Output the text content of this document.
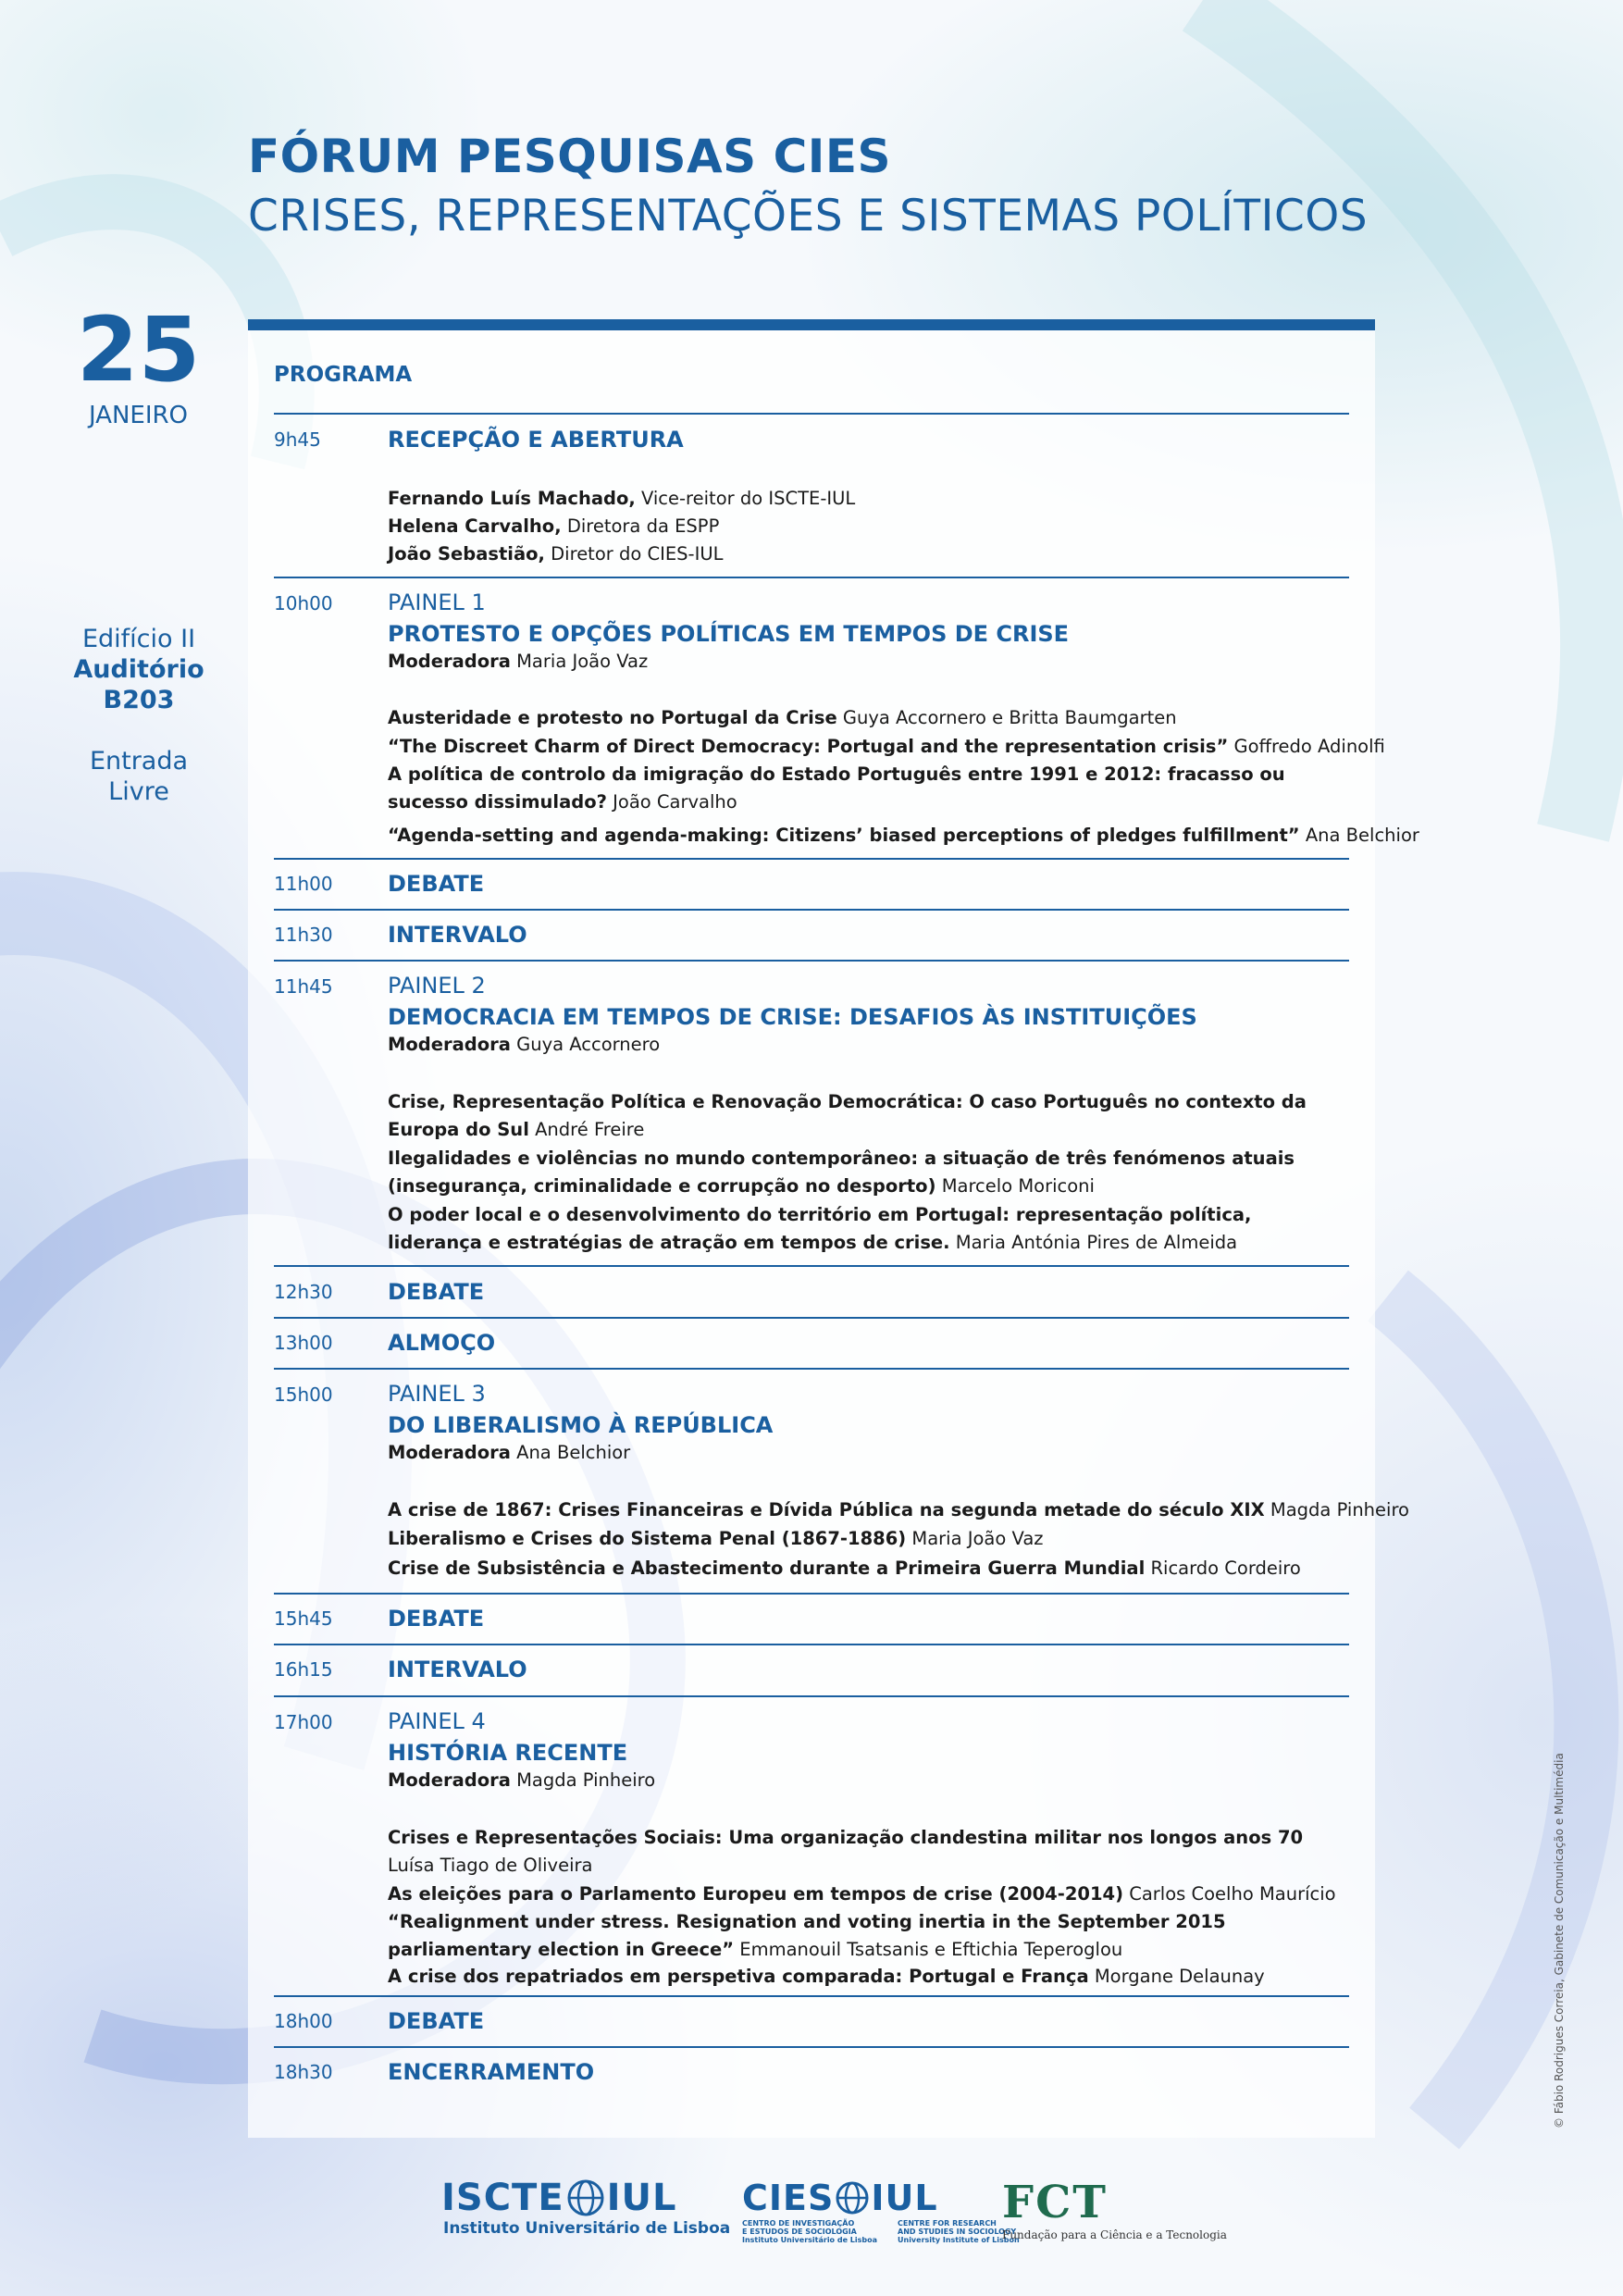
FÓRUM PESQUISAS CIES
CRISES, REPRESENTAÇÕES E SISTEMAS POLÍTICOS
25
JANEIRO
Edifício II
Auditório
B203
Entrada
Livre
PROGRAMA
9h45	RECEPÇÃO E ABERTURA
Fernando Luís Machado, Vice-reitor do ISCTE-IUL
Helena Carvalho, Diretora da ESPP
João Sebastião, Diretor do CIES-IUL
10h00 PAINEL 1
PROTESTO E OPÇÕES POLÍTICAS EM TEMPOS DE CRISE
Moderadora Maria João Vaz
Austeridade e protesto no Portugal da Crise Guya Accornero e Britta Baumgarten
“The Discreet Charm of Direct Democracy: Portugal and the representation crisis” Goffredo Adinolfi
A política de controlo da imigração do Estado Português entre 1991 e 2012: fracasso ou sucesso dissimulado? João Carvalho
“Agenda-setting and agenda-making: Citizens’ biased perceptions of pledges fulfillment” Ana Belchior
11h00 DEBATE
11h30 INTERVALO
11h45 PAINEL 2
DEMOCRACIA EM TEMPOS DE CRISE: DESAFIOS ÀS INSTITUIÇÕES
Moderadora Guya Accornero
Crise, Representação Política e Renovação Democrática: O caso Português no contexto da Europa do Sul André Freire
Ilegalidades e violências no mundo contemporâneo: a situação de três fenómenos atuais (insegurança, criminalidade e corrupção no desporto) Marcelo Moriconi
O poder local e o desenvolvimento do território em Portugal: representação política, liderança e estratégias de atração em tempos de crise. Maria Antónia Pires de Almeida
12h30 DEBATE
13h00 ALMOÇO
15h00 PAINEL 3
DO LIBERALISMO À REPÚBLICA
Moderadora Ana Belchior
A crise de 1867: Crises Financeiras e Dívida Pública na segunda metade do século XIX Magda Pinheiro
Liberalismo e Crises do Sistema Penal (1867-1886) Maria João Vaz
Crise de Subsistência e Abastecimento durante a Primeira Guerra Mundial Ricardo Cordeiro
15h45 DEBATE
16h15 INTERVALO
17h00 PAINEL 4
HISTÓRIA RECENTE
Moderadora Magda Pinheiro
Crises e Representações Sociais: Uma organização clandestina militar nos longos anos 70 Luísa Tiago de Oliveira
As eleições para o Parlamento Europeu em tempos de crise (2004-2014) Carlos Coelho Maurício
“Realignment under stress. Resignation and voting inertia in the September 2015 parliamentary election in Greece” Emmanouil Tsatsanis e Eftichia Teperoglou
A crise dos repatriados em perspetiva comparada: Portugal e França Morgane Delaunay
18h00 DEBATE
18h30 ENCERRAMENTO	© Fábio Rodrigues Correia, Gabinete de Comunicação e Multimédia
ISCTE IUL
Instituto Universitário de Lisboa
CIES IUL
CENTRO DE INVESTIGAÇÃO
E ESTUDOS DE SOCIOLOGIA
Instituto Universitário de Lisboa
CENTRE FOR RESEARCH
AND STUDIES IN SOCIOLOGY
University Institute of Lisbon
FCT
Fundação para a Ciência e a Tecnologia
